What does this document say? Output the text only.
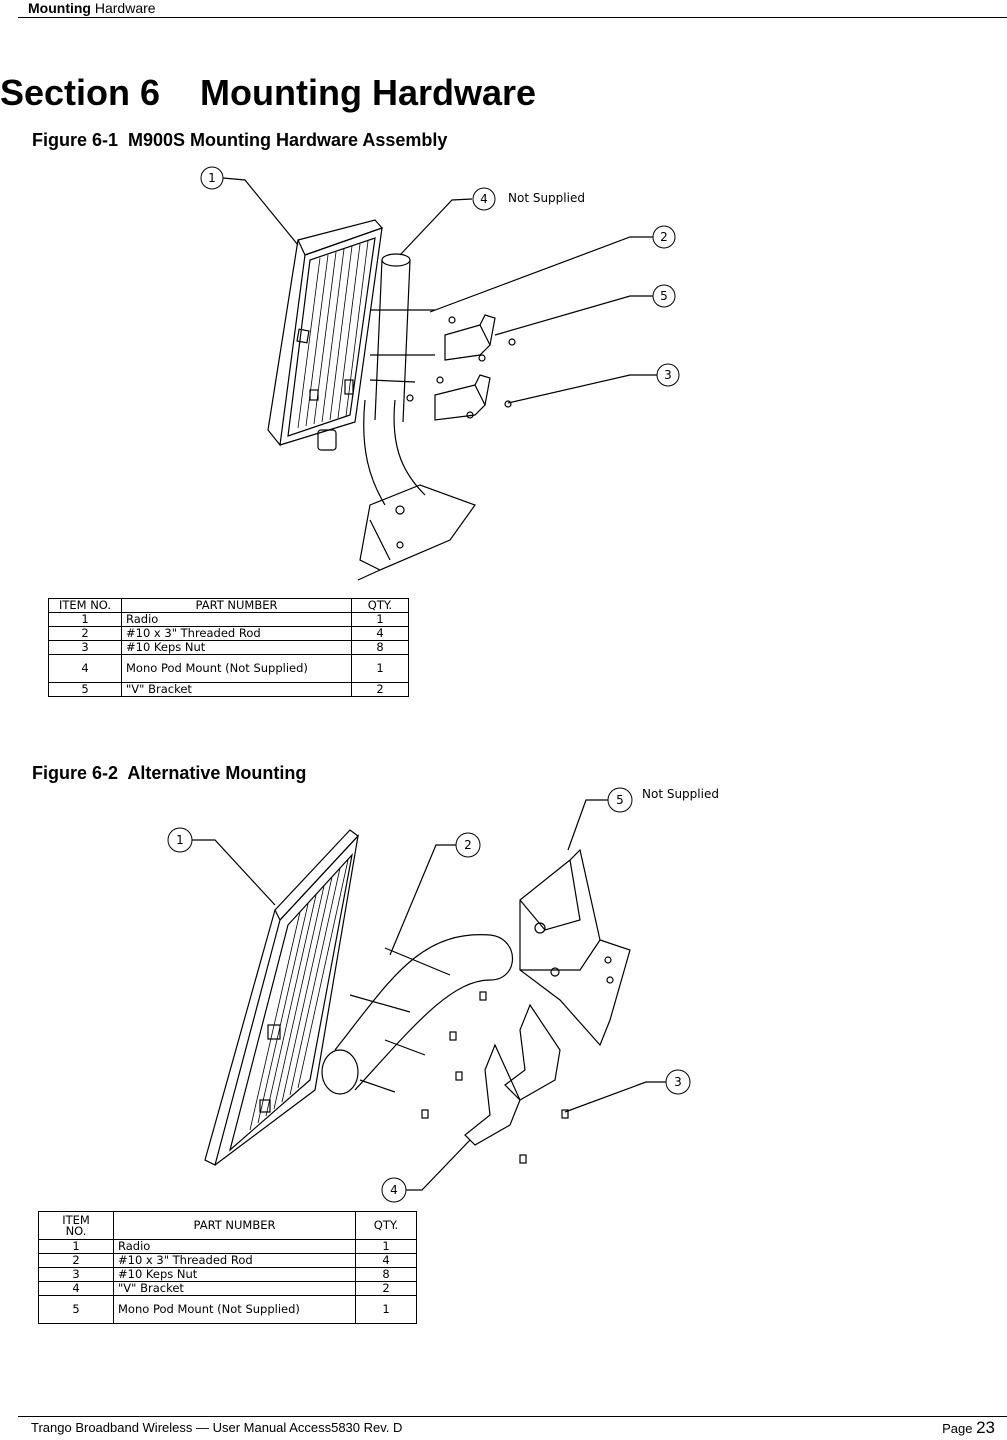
Mounting Hardware
Section 6    Mounting Hardware

Figure 6-1  M900S Mounting Hardware Assembly

1
4
2
5
3
Not Supplied
ITEM NO.	PART NUMBER	QTY.
1	Radio	1
2	#10 x 3" Threaded Rod	4
3	#10 Keps Nut	8
4	Mono Pod Mount (Not Supplied)	1
5	"V" Bracket	2

Figure 6-2  Alternative Mounting

5
1	2
3
4
Not Supplied
ITEM
NO.	PART NUMBER	QTY.
1	Radio	1
2	#10 x 3" Threaded Rod	4
3	#10 Keps Nut	8
4	"V" Bracket	2
5	Mono Pod Mount (Not Supplied)	1
Trango Broadband Wireless — User Manual Access5830 Rev. D	Page 23
